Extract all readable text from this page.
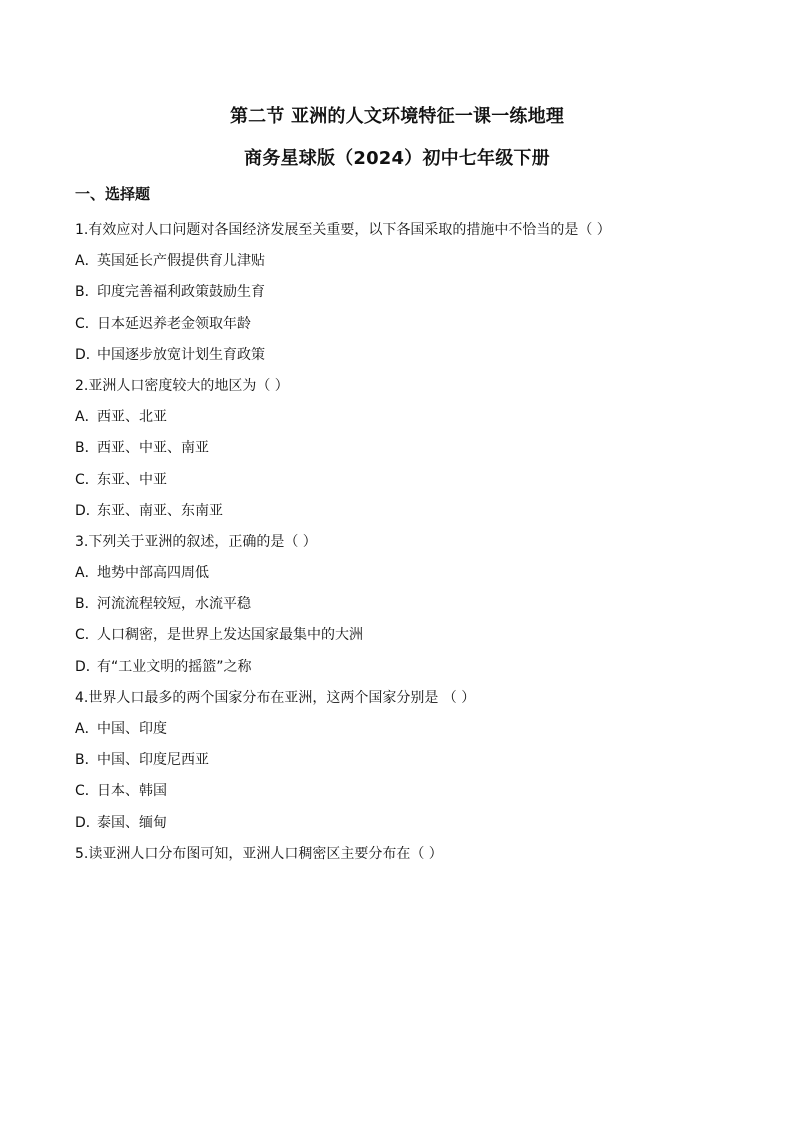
第二节 亚洲的人文环境特征一课一练地理
商务星球版（2024）初中七年级下册
一、选择题
1.有效应对人口问题对各国经济发展至关重要，以下各国采取的措施中不恰当的是（ ）
A．英国延长产假提供育儿津贴
B．印度完善福利政策鼓励生育
C．日本延迟养老金领取年龄
D．中国逐步放宽计划生育政策
2.亚洲人口密度较大的地区为（ ）
A．西亚、北亚
B．西亚、中亚、南亚
C．东亚、中亚
D．东亚、南亚、东南亚
3.下列关于亚洲的叙述，正确的是（ ）
A．地势中部高四周低
B．河流流程较短，水流平稳
C．人口稠密，是世界上发达国家最集中的大洲
D．有“工业文明的摇篮”之称
4.世界人口最多的两个国家分布在亚洲，这两个国家分别是 （ ）
A．中国、印度
B．中国、印度尼西亚
C．日本、韩国
D．泰国、缅甸
5.读亚洲人口分布图可知，亚洲人口稠密区主要分布在（ ）
